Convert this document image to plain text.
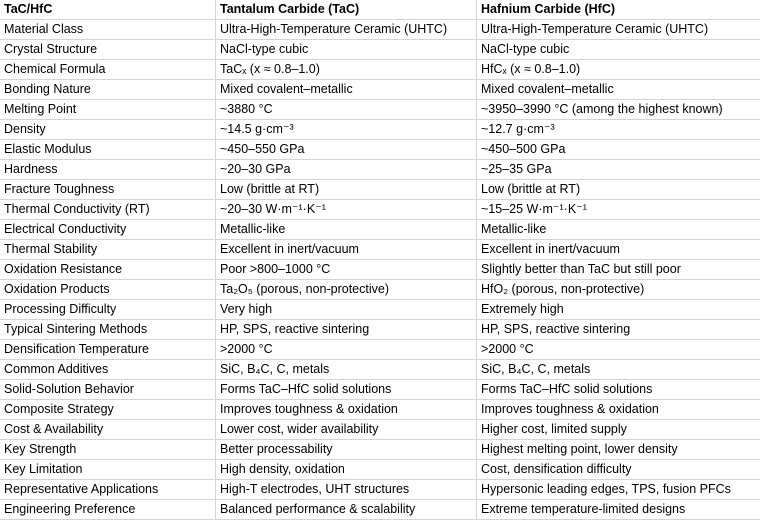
TaC/HfC	Tantalum Carbide (TaC)	Hafnium Carbide (HfC)
Material Class	Ultra-High-Temperature Ceramic (UHTC)	Ultra-High-Temperature Ceramic (UHTC)
Crystal Structure	NaCl-type cubic	NaCl-type cubic
Chemical Formula	TaCₓ (x ≈ 0.8–1.0)	HfCₓ (x ≈ 0.8–1.0)
Bonding Nature	Mixed covalent–metallic	Mixed covalent–metallic
Melting Point	~3880 °C	~3950–3990 °C (among the highest known)
Density	~14.5 g·cm⁻³	~12.7 g·cm⁻³
Elastic Modulus	~450–550 GPa	~450–500 GPa
Hardness	~20–30 GPa	~25–35 GPa
Fracture Toughness	Low (brittle at RT)	Low (brittle at RT)
Thermal Conductivity (RT)	~20–30 W·m⁻¹·K⁻¹	~15–25 W·m⁻¹·K⁻¹
Electrical Conductivity	Metallic-like	Metallic-like
Thermal Stability	Excellent in inert/vacuum	Excellent in inert/vacuum
Oxidation Resistance	Poor >800–1000 °C	Slightly better than TaC but still poor
Oxidation Products	Ta₂O₅ (porous, non-protective)	HfO₂ (porous, non-protective)
Processing Difficulty	Very high	Extremely high
Typical Sintering Methods	HP, SPS, reactive sintering	HP, SPS, reactive sintering
Densification Temperature	>2000 °C	>2000 °C
Common Additives	SiC, B₄C, C, metals	SiC, B₄C, C, metals
Solid-Solution Behavior	Forms TaC–HfC solid solutions	Forms TaC–HfC solid solutions
Composite Strategy	Improves toughness & oxidation	Improves toughness & oxidation
Cost & Availability	Lower cost, wider availability	Higher cost, limited supply
Key Strength	Better processability	Highest melting point, lower density
Key Limitation	High density, oxidation	Cost, densification difficulty
Representative Applications	High-T electrodes, UHT structures	Hypersonic leading edges, TPS, fusion PFCs
Engineering Preference	Balanced performance & scalability	Extreme temperature-limited designs
